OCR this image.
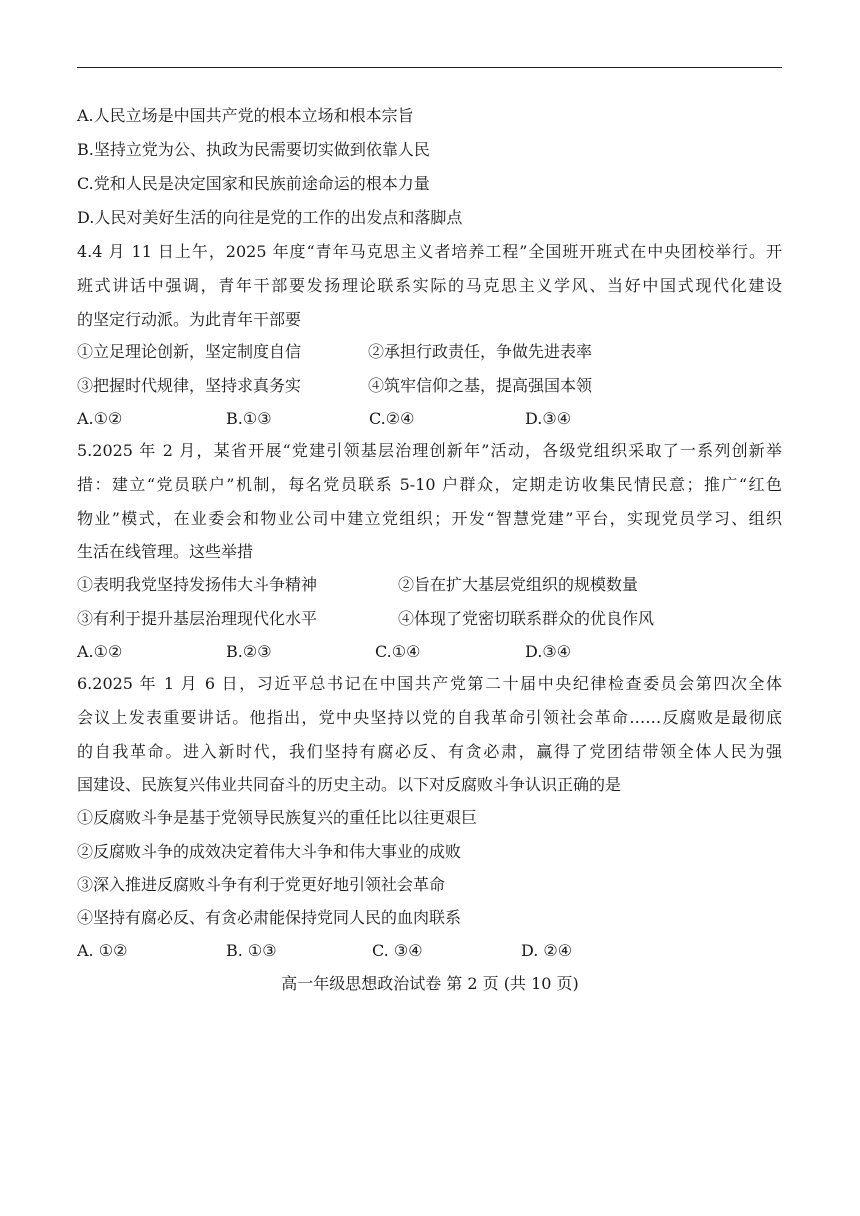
A.人民立场是中国共产党的根本立场和根本宗旨
B.坚持立党为公、执政为民需要切实做到依靠人民
C.党和人民是决定国家和民族前途命运的根本力量
D.人民对美好生活的向往是党的工作的出发点和落脚点
4.4 月 11 日上午，2025 年度“青年马克思主义者培养工程”全国班开班式在中央团校举行。开
班式讲话中强调，青年干部要发扬理论联系实际的马克思主义学风、当好中国式现代化建设
的坚定行动派。为此青年干部要
①立足理论创新，坚定制度自信	②承担行政责任，争做先进表率
③把握时代规律，坚持求真务实	④筑牢信仰之基，提高强国本领
A.①②	B.①③	C.②④	D.③④
5.2025 年 2 月，某省开展“党建引领基层治理创新年”活动，各级党组织采取了一系列创新举
措：建立“党员联户”机制，每名党员联系 5-10 户群众，定期走访收集民情民意；推广“红色
物业”模式，在业委会和物业公司中建立党组织；开发“智慧党建”平台，实现党员学习、组织
生活在线管理。这些举措
①表明我党坚持发扬伟大斗争精神	②旨在扩大基层党组织的规模数量
③有利于提升基层治理现代化水平	④体现了党密切联系群众的优良作风
A.①②	B.②③	C.①④	D.③④
6.2025 年 1 月 6 日，习近平总书记在中国共产党第二十届中央纪律检查委员会第四次全体
会议上发表重要讲话。他指出，党中央坚持以党的自我革命引领社会革命……反腐败是最彻底
的自我革命。进入新时代，我们坚持有腐必反、有贪必肃，赢得了党团结带领全体人民为强
国建设、民族复兴伟业共同奋斗的历史主动。以下对反腐败斗争认识正确的是
①反腐败斗争是基于党领导民族复兴的重任比以往更艰巨
②反腐败斗争的成效决定着伟大斗争和伟大事业的成败
③深入推进反腐败斗争有利于党更好地引领社会革命
④坚持有腐必反、有贪必肃能保持党同人民的血肉联系
A. ①②	B. ①③	C. ③④	D. ②④
高一年级思想政治试卷 第 2 页 (共 10 页)
